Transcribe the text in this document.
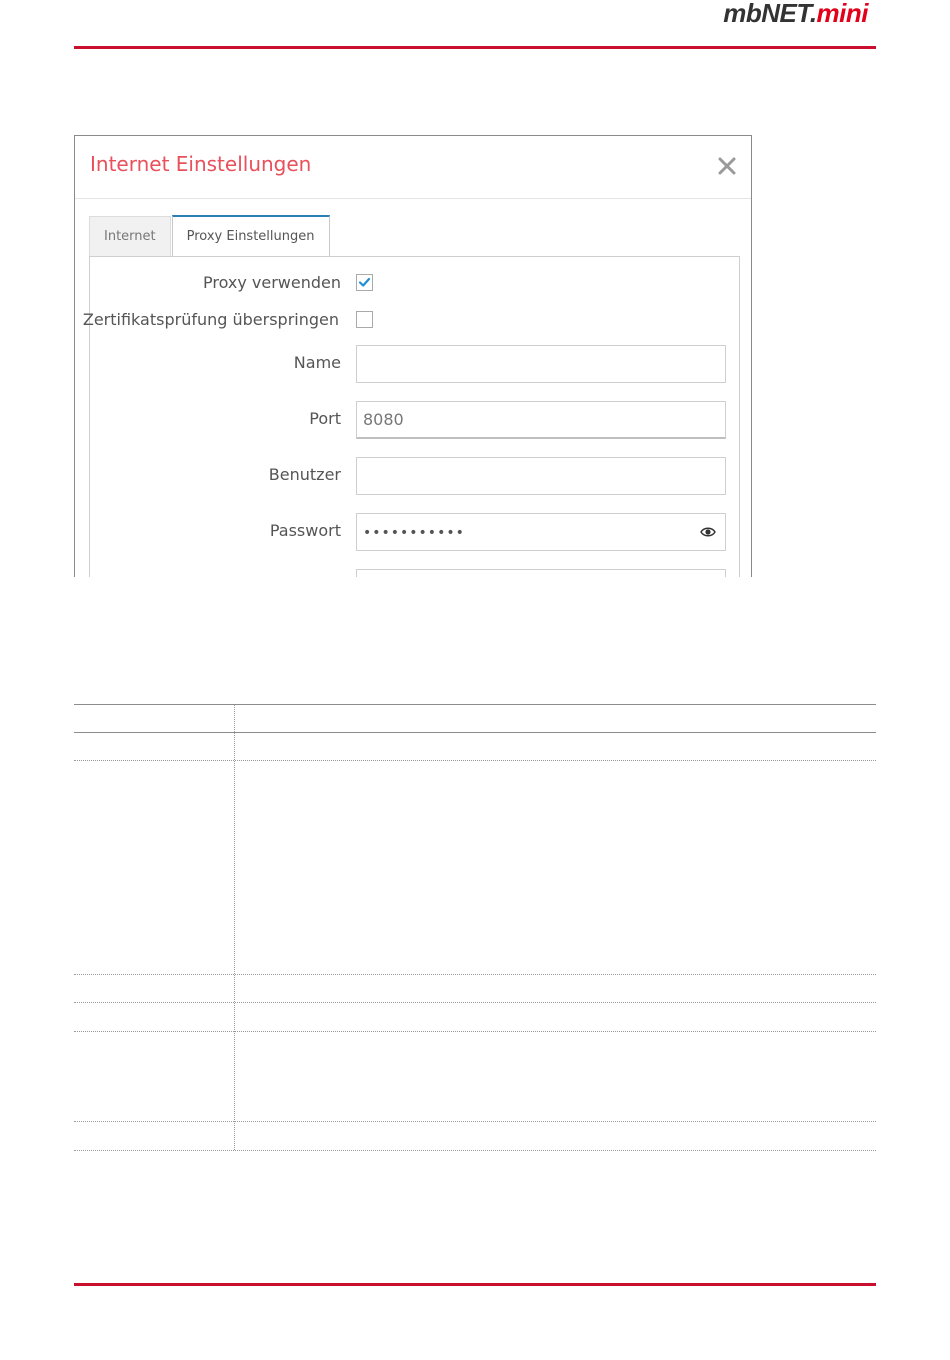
mbNET.mini
Internet Einstellungen
Internet	Proxy Einstellungen
Proxy verwenden
Zertifikatsprüfung überspringen
Name
Port	8080
Benutzer
Passwort	•••••••••••
